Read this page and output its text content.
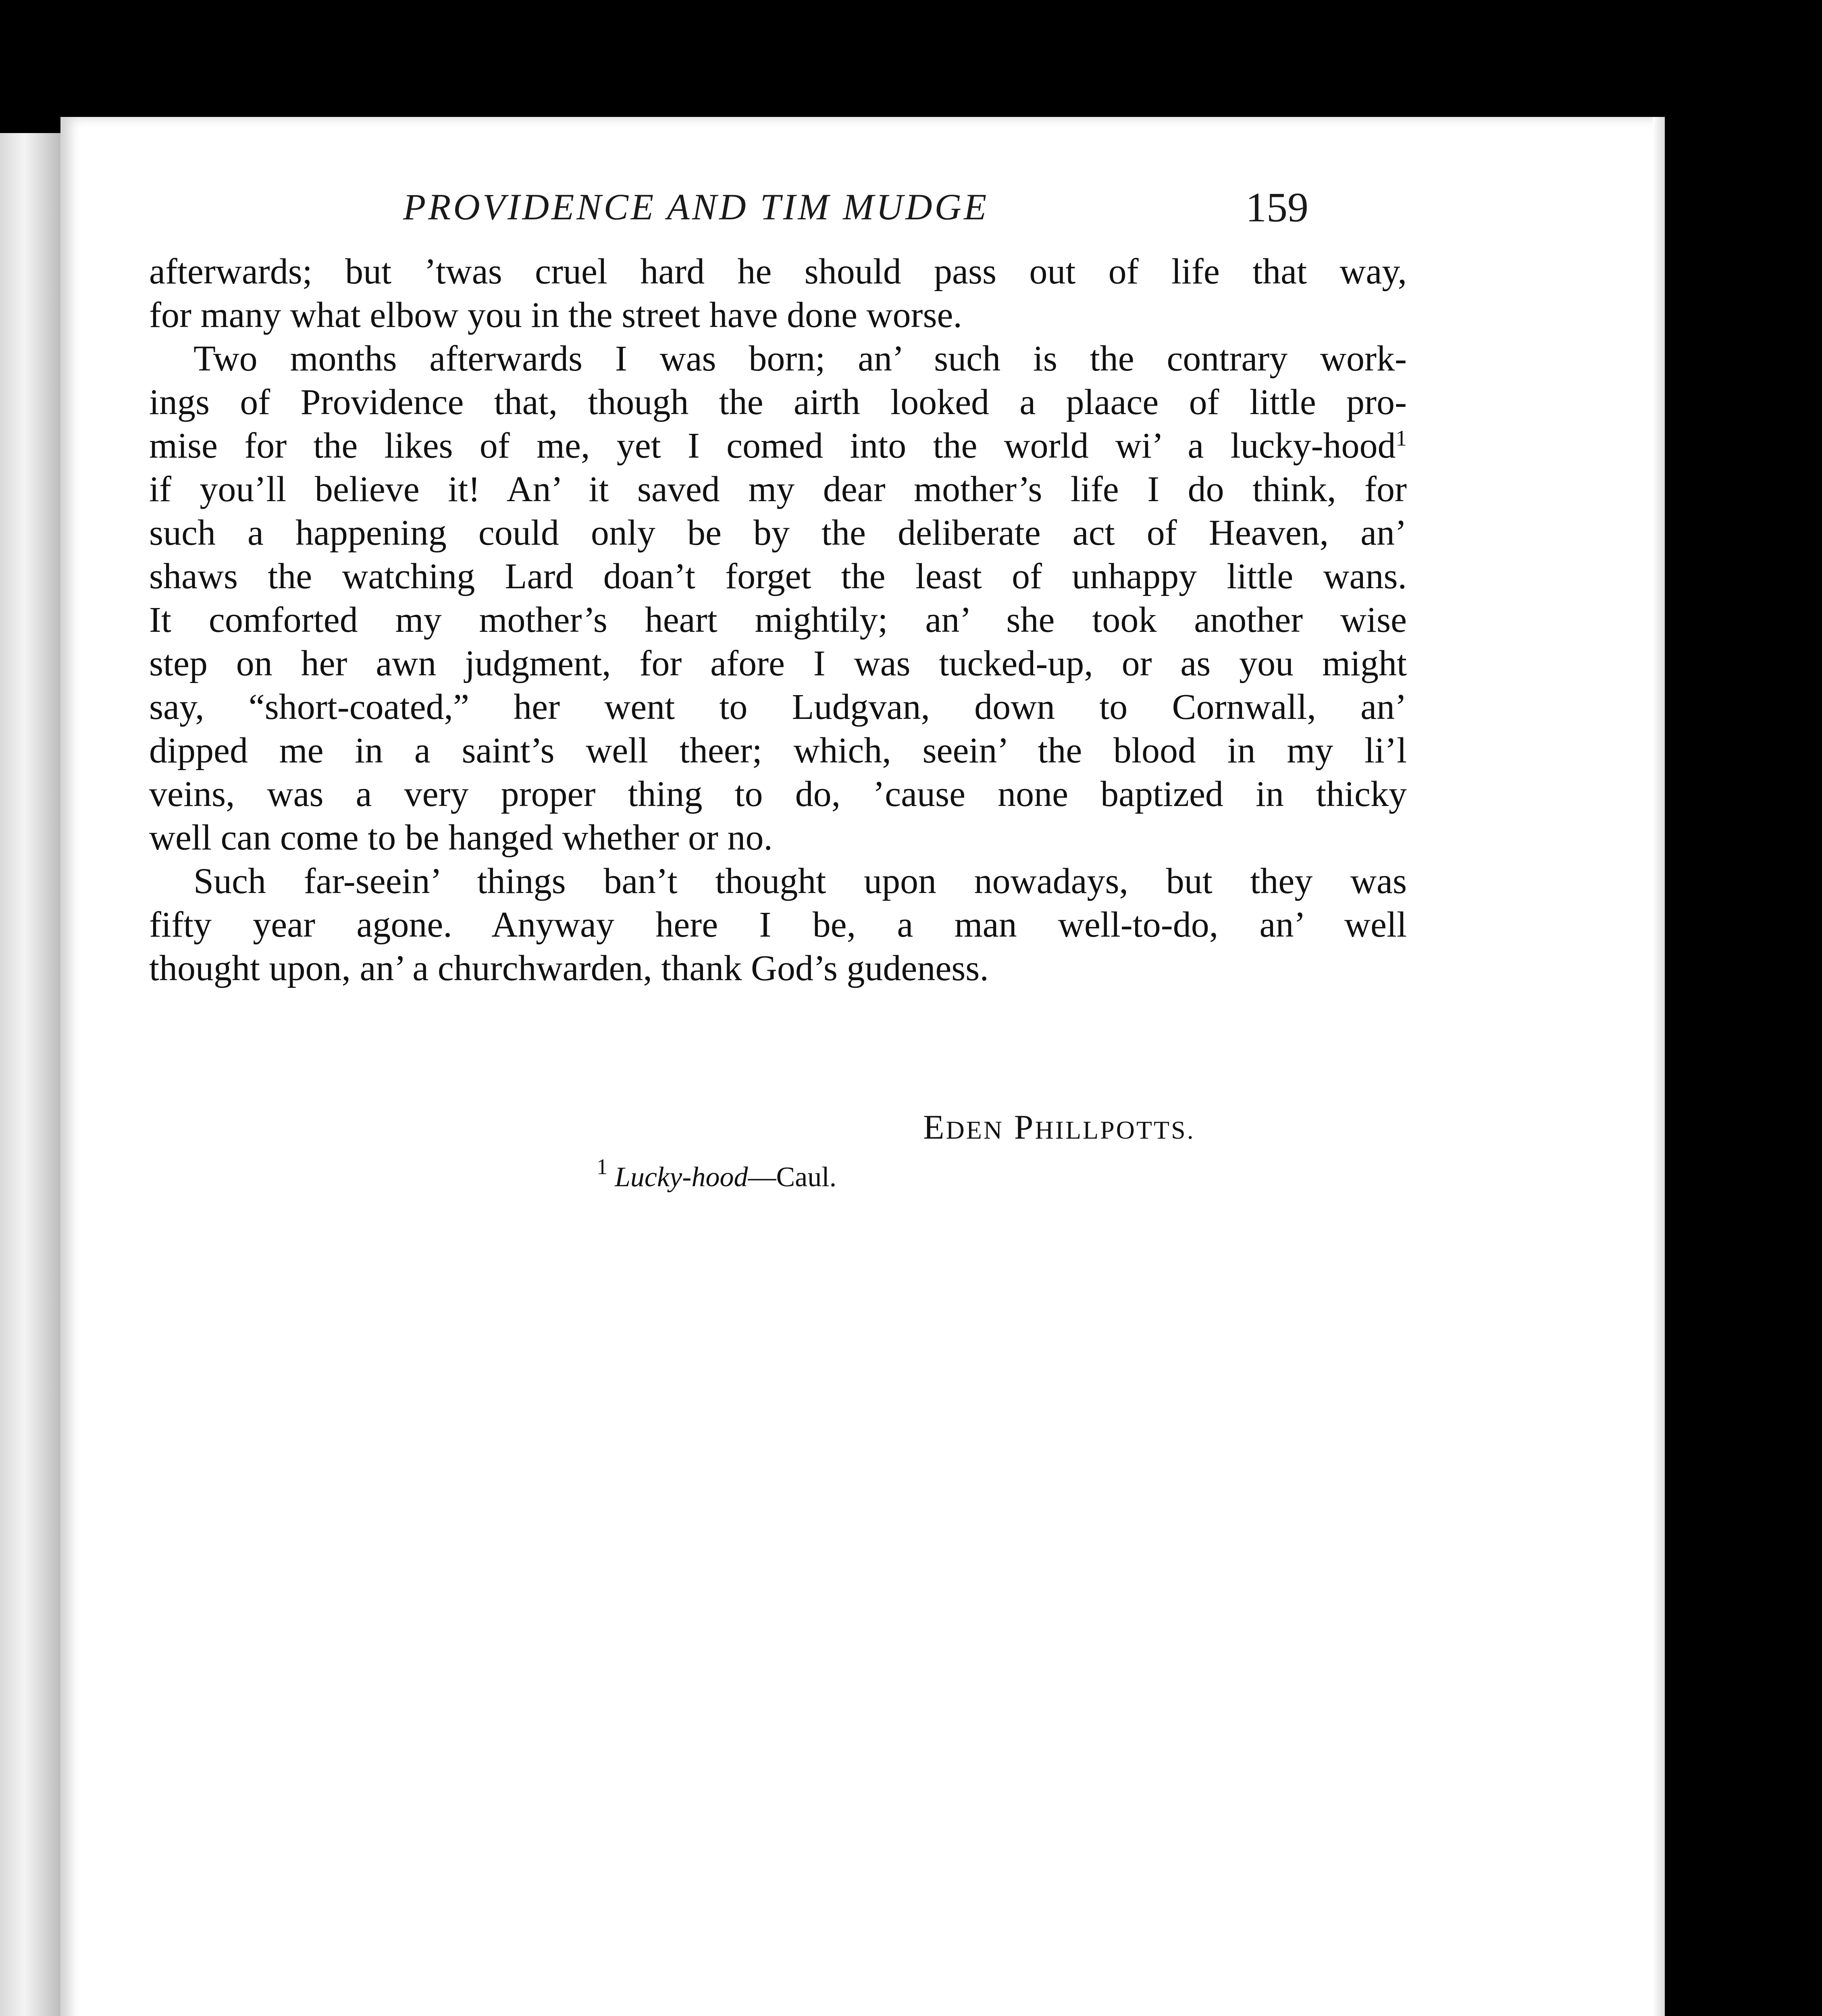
PROVIDENCE AND TIM MUDGE	159
afterwards; but ’twas cruel hard he should pass out of life that way,
for many what elbow you in the street have done worse.
Two months afterwards I was born; an’ such is the contrary work-
ings of Providence that, though the airth looked a plaace of little pro-
mise for the likes of me, yet I comed into the world wi’ a lucky-hood$^1$
if you’ll believe it! An’ it saved my dear mother’s life I do think, for
such a happening could only be by the deliberate act of Heaven, an’
shaws the watching Lard doan’t forget the least of unhappy little wans.
It comforted my mother’s heart mightily; an’ she took another wise
step on her awn judgment, for afore I was tucked-up, or as you might
say, “short-coated,” her went to Ludgvan, down to Cornwall, an’
dipped me in a saint’s well theer; which, seein’ the blood in my li’l
veins, was a very proper thing to do, ’cause none baptized in thicky
well can come to be hanged whether or no.
Such far-seein’ things ban’t thought upon nowadays, but they was
fifty year agone. Anyway here I be, a man well-to-do, an’ well
thought upon, an’ a churchwarden, thank God’s gudeness.
EDEN PHILLPOTTS.
$^1$ Lucky-hood—Caul.
